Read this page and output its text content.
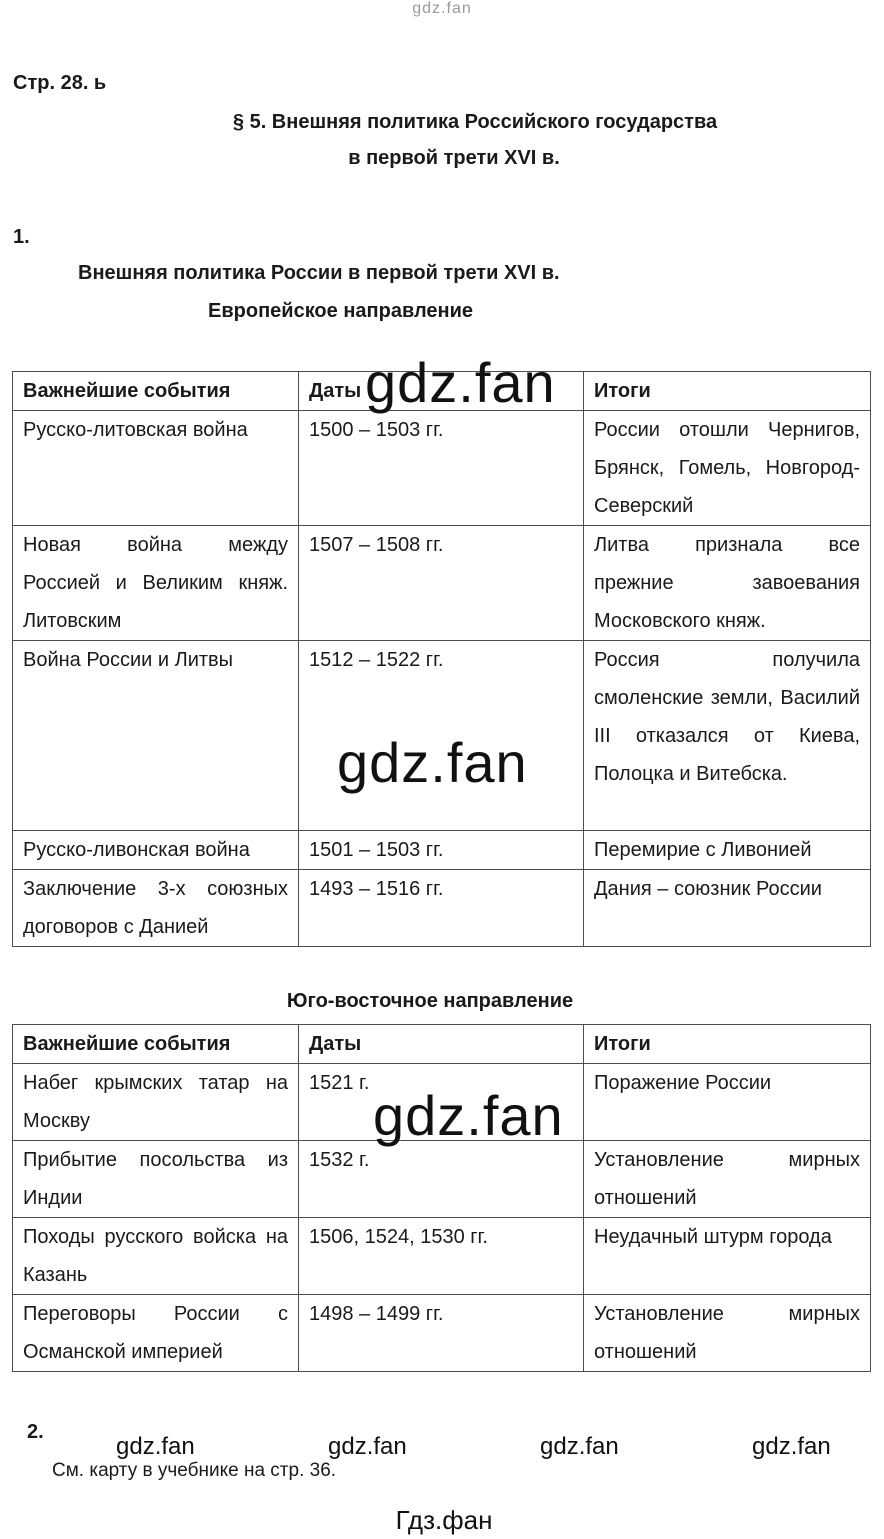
gdz.fan
Стр. 28. ь
§ 5. Внешняя политика Российского государства
в первой трети XVI в.
1.
Внешняя политика России в первой трети XVI в.
Европейское направление
Важнейшие события	Даты	Итоги
Русско-литовская война	1500 – 1503 гг.	России отошли Чернигов, Брянск, Гомель, Новгород-Северский
Новая война между Россией и Великим княж. Литовским	1507 – 1508 гг.	Литва признала все прежние завоевания Московского княж.
Война России и Литвы	1512 – 1522 гг.	Россия получила смоленские земли, Василий III отказался от Киева, Полоцка и Витебска.
Русско-ливонская война	1501 – 1503 гг.	Перемирие с Ливонией
Заключение 3-х союзных договоров с Данией	1493 – 1516 гг.	Дания – союзник России
Юго-восточное направление
Важнейшие события	Даты	Итоги
Набег крымских татар на Москву	1521 г.	Поражение России
Прибытие посольства из Индии	1532 г.	Установление мирных отношений
Походы русского войска на Казань	1506, 1524, 1530 гг.	Неудачный штурм города
Переговоры России с Османской империей	1498 – 1499 гг.	Установление мирных отношений
gdz.fan
gdz.fan
gdz.fan
2.
gdz.fan	gdz.fan	gdz.fan	gdz.fan
См. карту в учебнике на стр. 36.
Гдз.фан
